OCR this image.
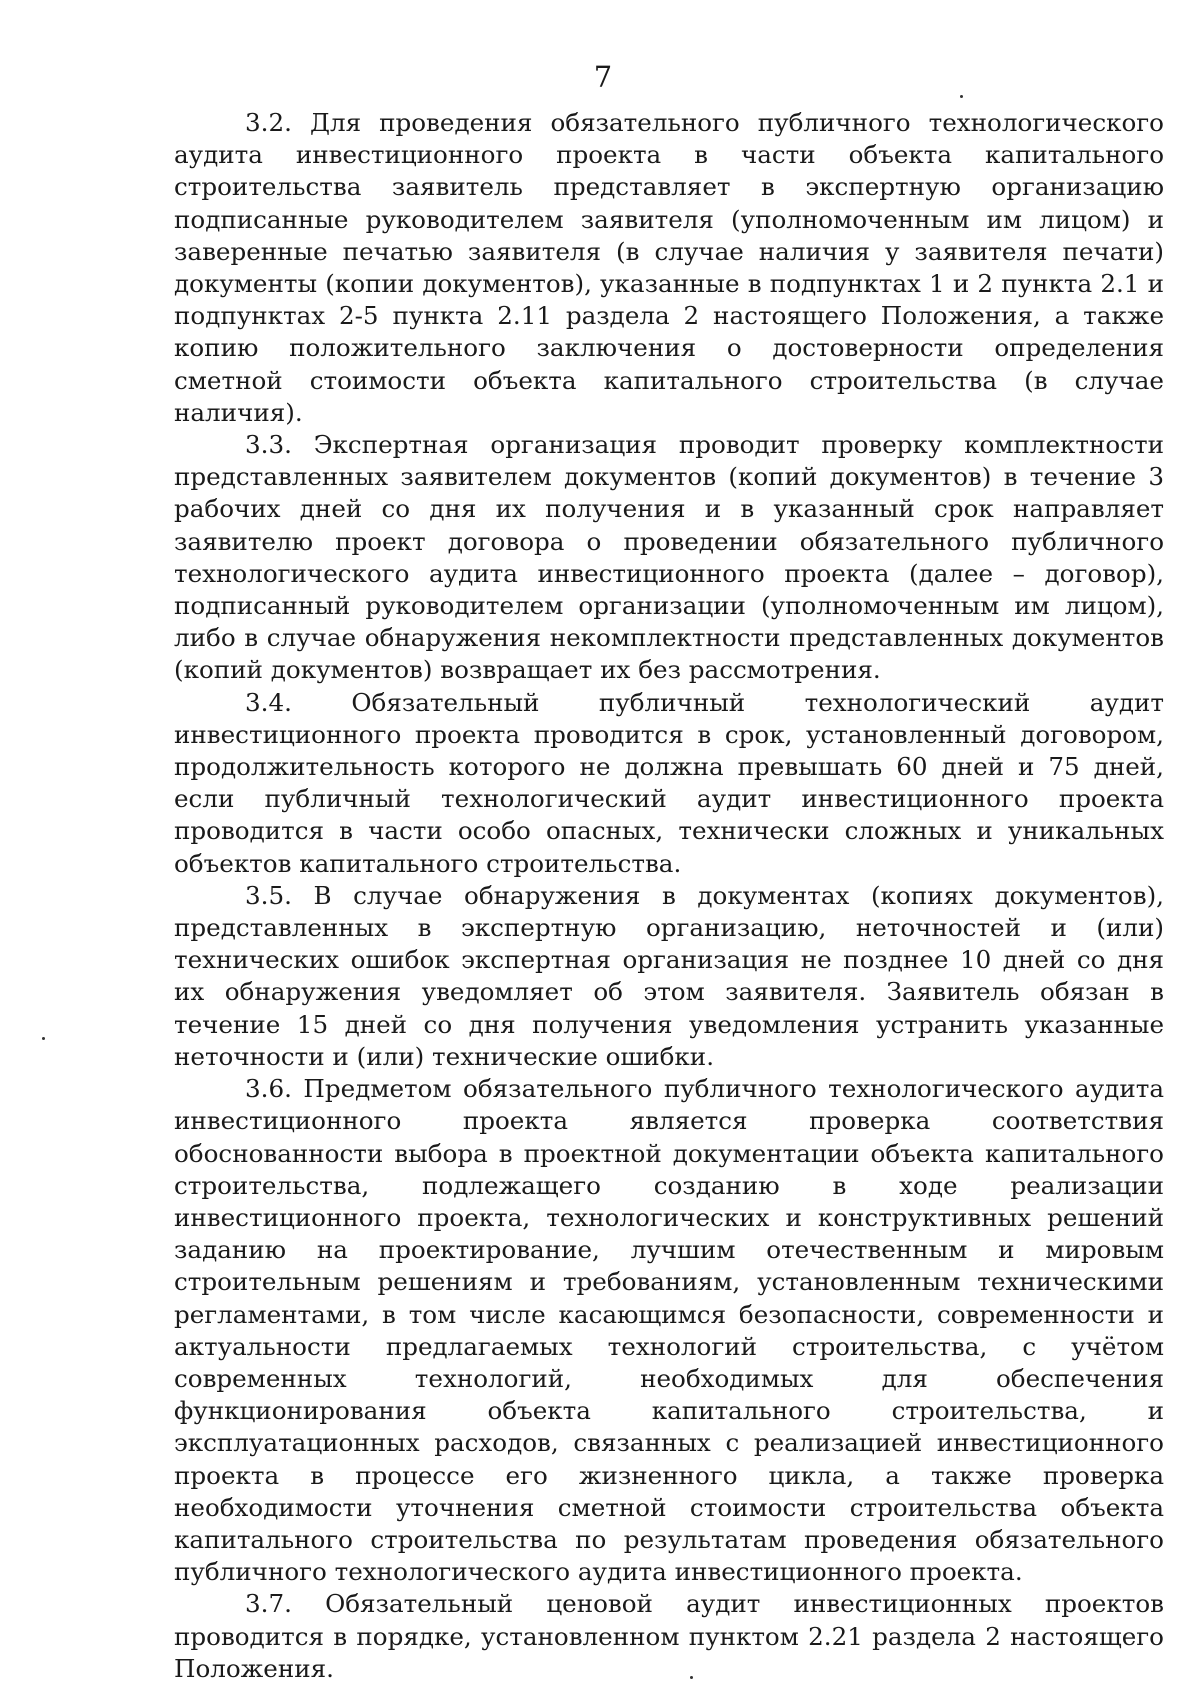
7

3.2. Для проведения обязательного публичного технологического аудита инвестиционного проекта в части объекта капитального строительства заявитель представляет в экспертную организацию подписанные руководителем заявителя (уполномоченным им лицом) и заверенные печатью заявителя (в случае наличия у заявителя печати) документы (копии документов), указанные в подпунктах 1 и 2 пункта 2.1 и подпунктах 2-5 пункта 2.11 раздела 2 настоящего Положения, а также копию положительного заключения о достоверности определения сметной стоимости объекта капитального строительства (в случае наличия).

3.3. Экспертная организация проводит проверку комплектности представленных заявителем документов (копий документов) в течение 3 рабочих дней со дня их получения и в указанный срок направляет заявителю проект договора о проведении обязательного публичного технологического аудита инвестиционного проекта (далее – договор), подписанный руководителем организации (уполномоченным им лицом), либо в случае обнаружения некомплектности представленных документов (копий документов) возвращает их без рассмотрения.

3.4. Обязательный публичный технологический аудит инвестиционного проекта проводится в срок, установленный договором, продолжительность которого не должна превышать 60 дней и 75 дней, если публичный технологический аудит инвестиционного проекта проводится в части особо опасных, технически сложных и уникальных объектов капитального строительства.

3.5. В случае обнаружения в документах (копиях документов), представленных в экспертную организацию, неточностей и (или) технических ошибок экспертная организация не позднее 10 дней со дня их обнаружения уведомляет об этом заявителя. Заявитель обязан в течение 15 дней со дня получения уведомления устранить указанные неточности и (или) технические ошибки.

3.6. Предметом обязательного публичного технологического аудита инвестиционного проекта является проверка соответствия обоснованности выбора в проектной документации объекта капитального строительства, подлежащего созданию в ходе реализации инвестиционного проекта, технологических и конструктивных решений заданию на проектирование, лучшим отечественным и мировым строительным решениям и требованиям, установленным техническими регламентами, в том числе касающимся безопасности, современности и актуальности предлагаемых технологий строительства, с учётом современных технологий, необходимых для обеспечения функционирования объекта капитального строительства, и эксплуатационных расходов, связанных с реализацией инвестиционного проекта в процессе его жизненного цикла, а также проверка необходимости уточнения сметной стоимости строительства объекта капитального строительства по результатам проведения обязательного публичного технологического аудита инвестиционного проекта.

3.7. Обязательный ценовой аудит инвестиционных проектов проводится в порядке, установленном пунктом 2.21 раздела 2 настоящего Положения.
